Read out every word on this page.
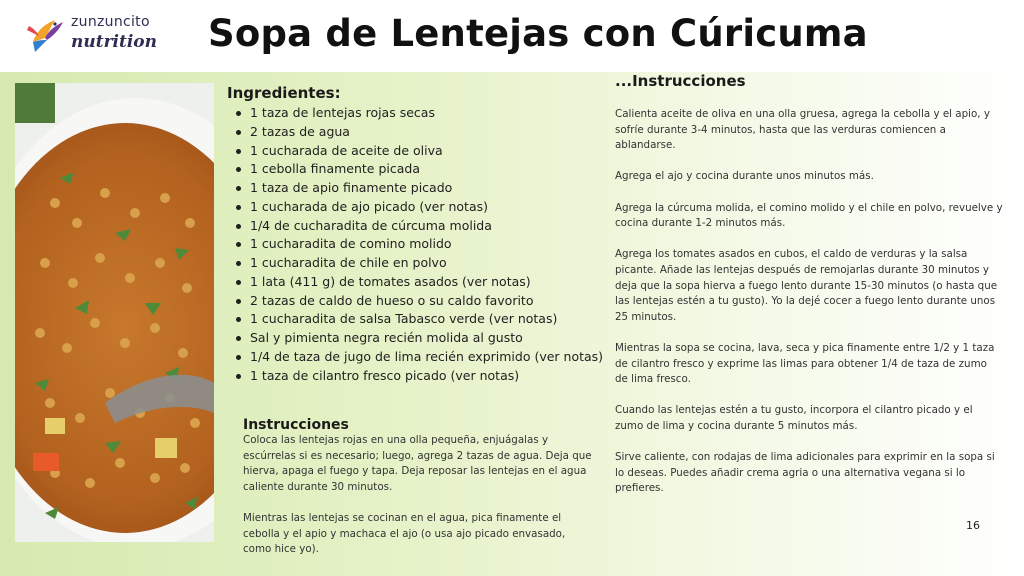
zunzuncito
nutrition Sopa de Lentejas con Cúricuma
Ingredientes:
1 taza de lentejas rojas secas
2 tazas de agua
1 cucharada de aceite de oliva
1 cebolla finamente picada
1 taza de apio finamente picado
1 cucharada de ajo picado (ver notas)
1/4 de cucharadita de cúrcuma molida
1 cucharadita de comino molido
1 cucharadita de chile en polvo
1 lata (411 g) de tomates asados (ver notas)
2 tazas de caldo de hueso o su caldo favorito
1 cucharadita de salsa Tabasco verde (ver notas)
Sal y pimienta negra recién molida al gusto
1/4 de taza de jugo de lima recién exprimido (ver notas)
1 taza de cilantro fresco picado (ver notas)
Instrucciones

Coloca las lentejas rojas en una olla pequeña, enjuágalas y escúrrelas si es necesario; luego, agrega 2 tazas de agua. Deja que hierva, apaga el fuego y tapa. Deja reposar las lentejas en el agua caliente durante 30 minutos.

Mientras las lentejas se cocinan en el agua, pica finamente el cebolla y el apio y machaca el ajo (o usa ajo picado envasado, como hice yo).

...Instrucciones

Calienta aceite de oliva en una olla gruesa, agrega la cebolla y el apio, y sofríe durante 3-4 minutos, hasta que las verduras comiencen a ablandarse.

Agrega el ajo y cocina durante unos minutos más.

Agrega la cúrcuma molida, el comino molido y el chile en polvo, revuelve y cocina durante 1-2 minutos más.

Agrega los tomates asados en cubos, el caldo de verduras y la salsa picante. Añade las lentejas después de remojarlas durante 30 minutos y deja que la sopa hierva a fuego lento durante 15-30 minutos (o hasta que las lentejas estén a tu gusto). Yo la dejé cocer a fuego lento durante unos 25 minutos.

Mientras la sopa se cocina, lava, seca y pica finamente entre 1/2 y 1 taza de cilantro fresco y exprime las limas para obtener 1/4 de taza de zumo de lima fresco.

Cuando las lentejas estén a tu gusto, incorpora el cilantro picado y el zumo de lima y cocina durante 5 minutos más.

Sirve caliente, con rodajas de lima adicionales para exprimir en la sopa si lo deseas. Puedes añadir crema agria o una alternativa vegana si lo prefieres.

16
